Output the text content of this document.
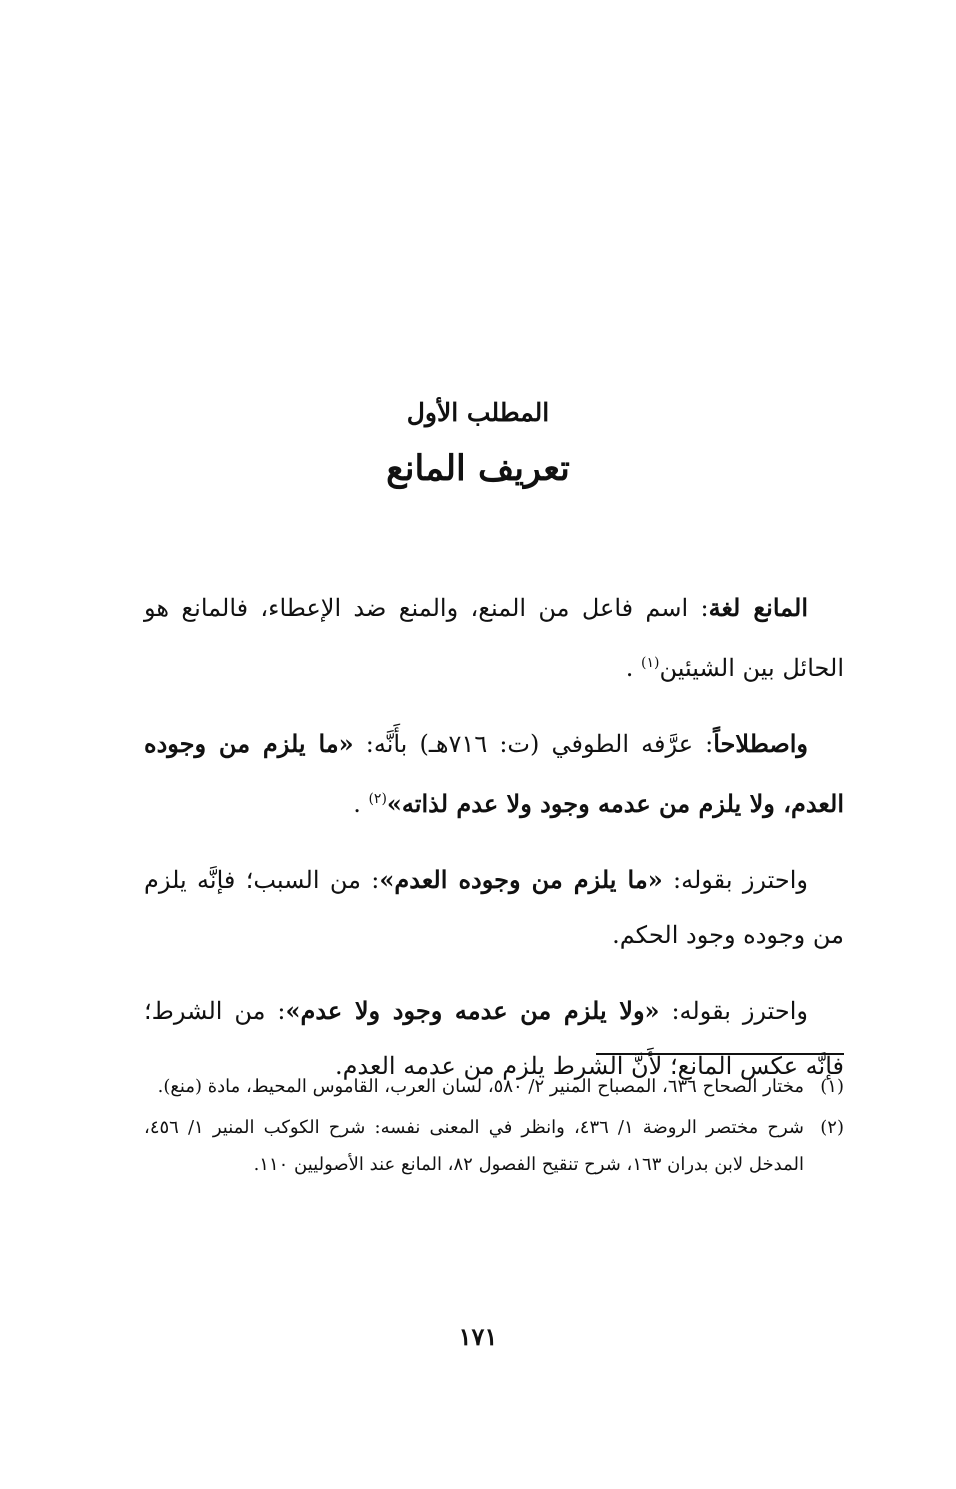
المطلب الأول
تعريف المانع

المانع لغة: اسم فاعل من المنع، والمنع ضد الإعطاء، فالمانع هو الحائل بين الشيئين$^{(١)}$ .

واصطلاحاً: عرَّفه الطوفي (ت: ٧١٦هـ) بأَنَّه: «ما يلزم من وجوده العدم، ولا يلزم من عدمه وجود ولا عدم لذاته»$^{(٢)}$ .

واحترز بقوله: «ما يلزم من وجوده العدم»: من السبب؛ فإنَّه يلزم من وجوده وجود الحكم.

واحترز بقوله: «ولا يلزم من عدمه وجود ولا عدم»: من الشرط؛ فإنَّه عكس المانع؛ لأَنَّ الشرط يلزم من عدمه العدم.

(١)
مختار الصحاح ٦٣٦، المصباح المنير ٢/ ٥٨٠، لسان العرب، القاموس المحيط، مادة (منع).
(٢)
شرح مختصر الروضة ١/ ٤٣٦، وانظر في المعنى نفسه: شرح الكوكب المنير ١/ ٤٥٦، المدخل لابن بدران ١٦٣، شرح تنقيح الفصول ٨٢، المانع عند الأصوليين ١١٠.
١٧١
